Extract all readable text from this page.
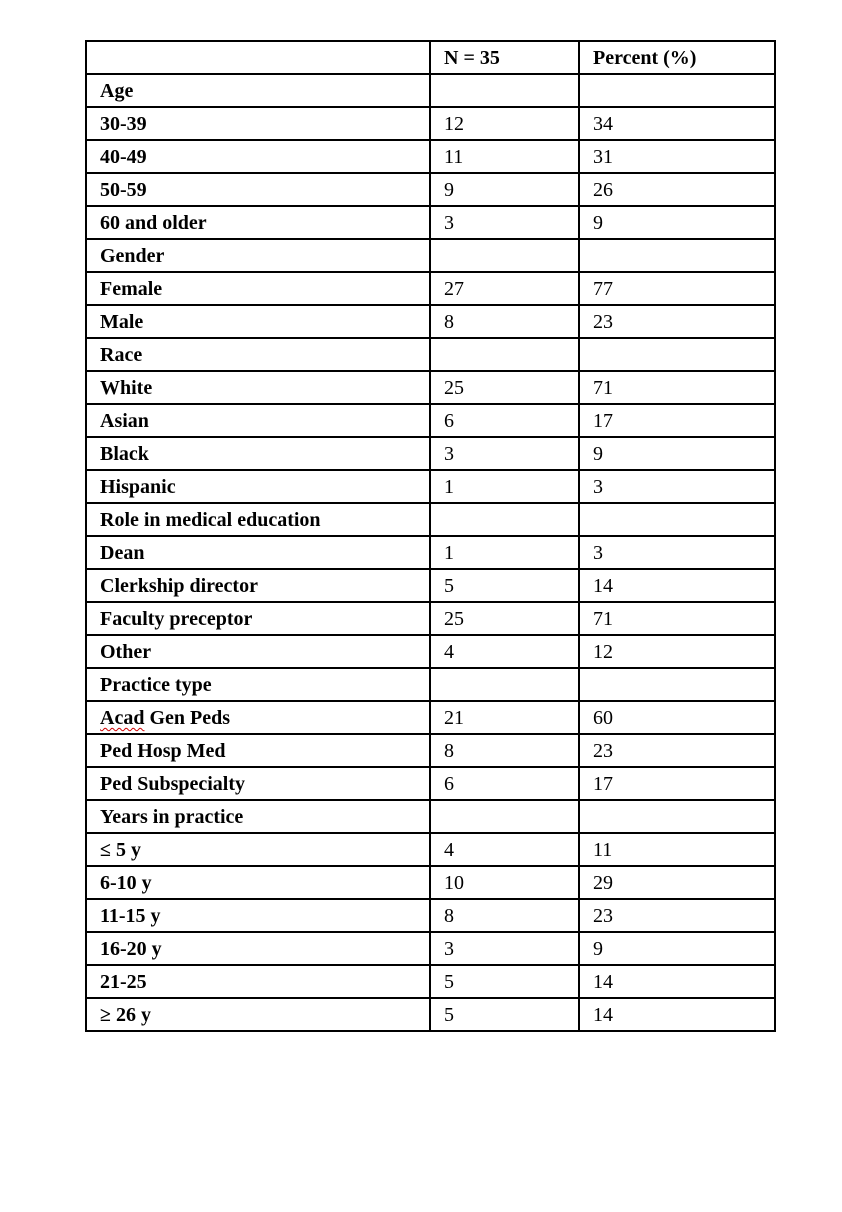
	N = 35	Percent (%)
Age		
30-39	12	34
40-49	11	31
50-59	9	26
60 and older	3	9
Gender		
Female	27	77
Male	8	23
Race		
White	25	71
Asian	6	17
Black	3	9
Hispanic	1	3
Role in medical education		
Dean	1	3
Clerkship director	5	14
Faculty preceptor	25	71
Other	4	12
Practice type		
Acad Gen Peds	21	60
Ped Hosp Med	8	23
Ped Subspecialty	6	17
Years in practice		
≤ 5 y	4	11
6-10 y	10	29
11-15 y	8	23
16-20 y	3	9
21-25	5	14
≥ 26 y	5	14
